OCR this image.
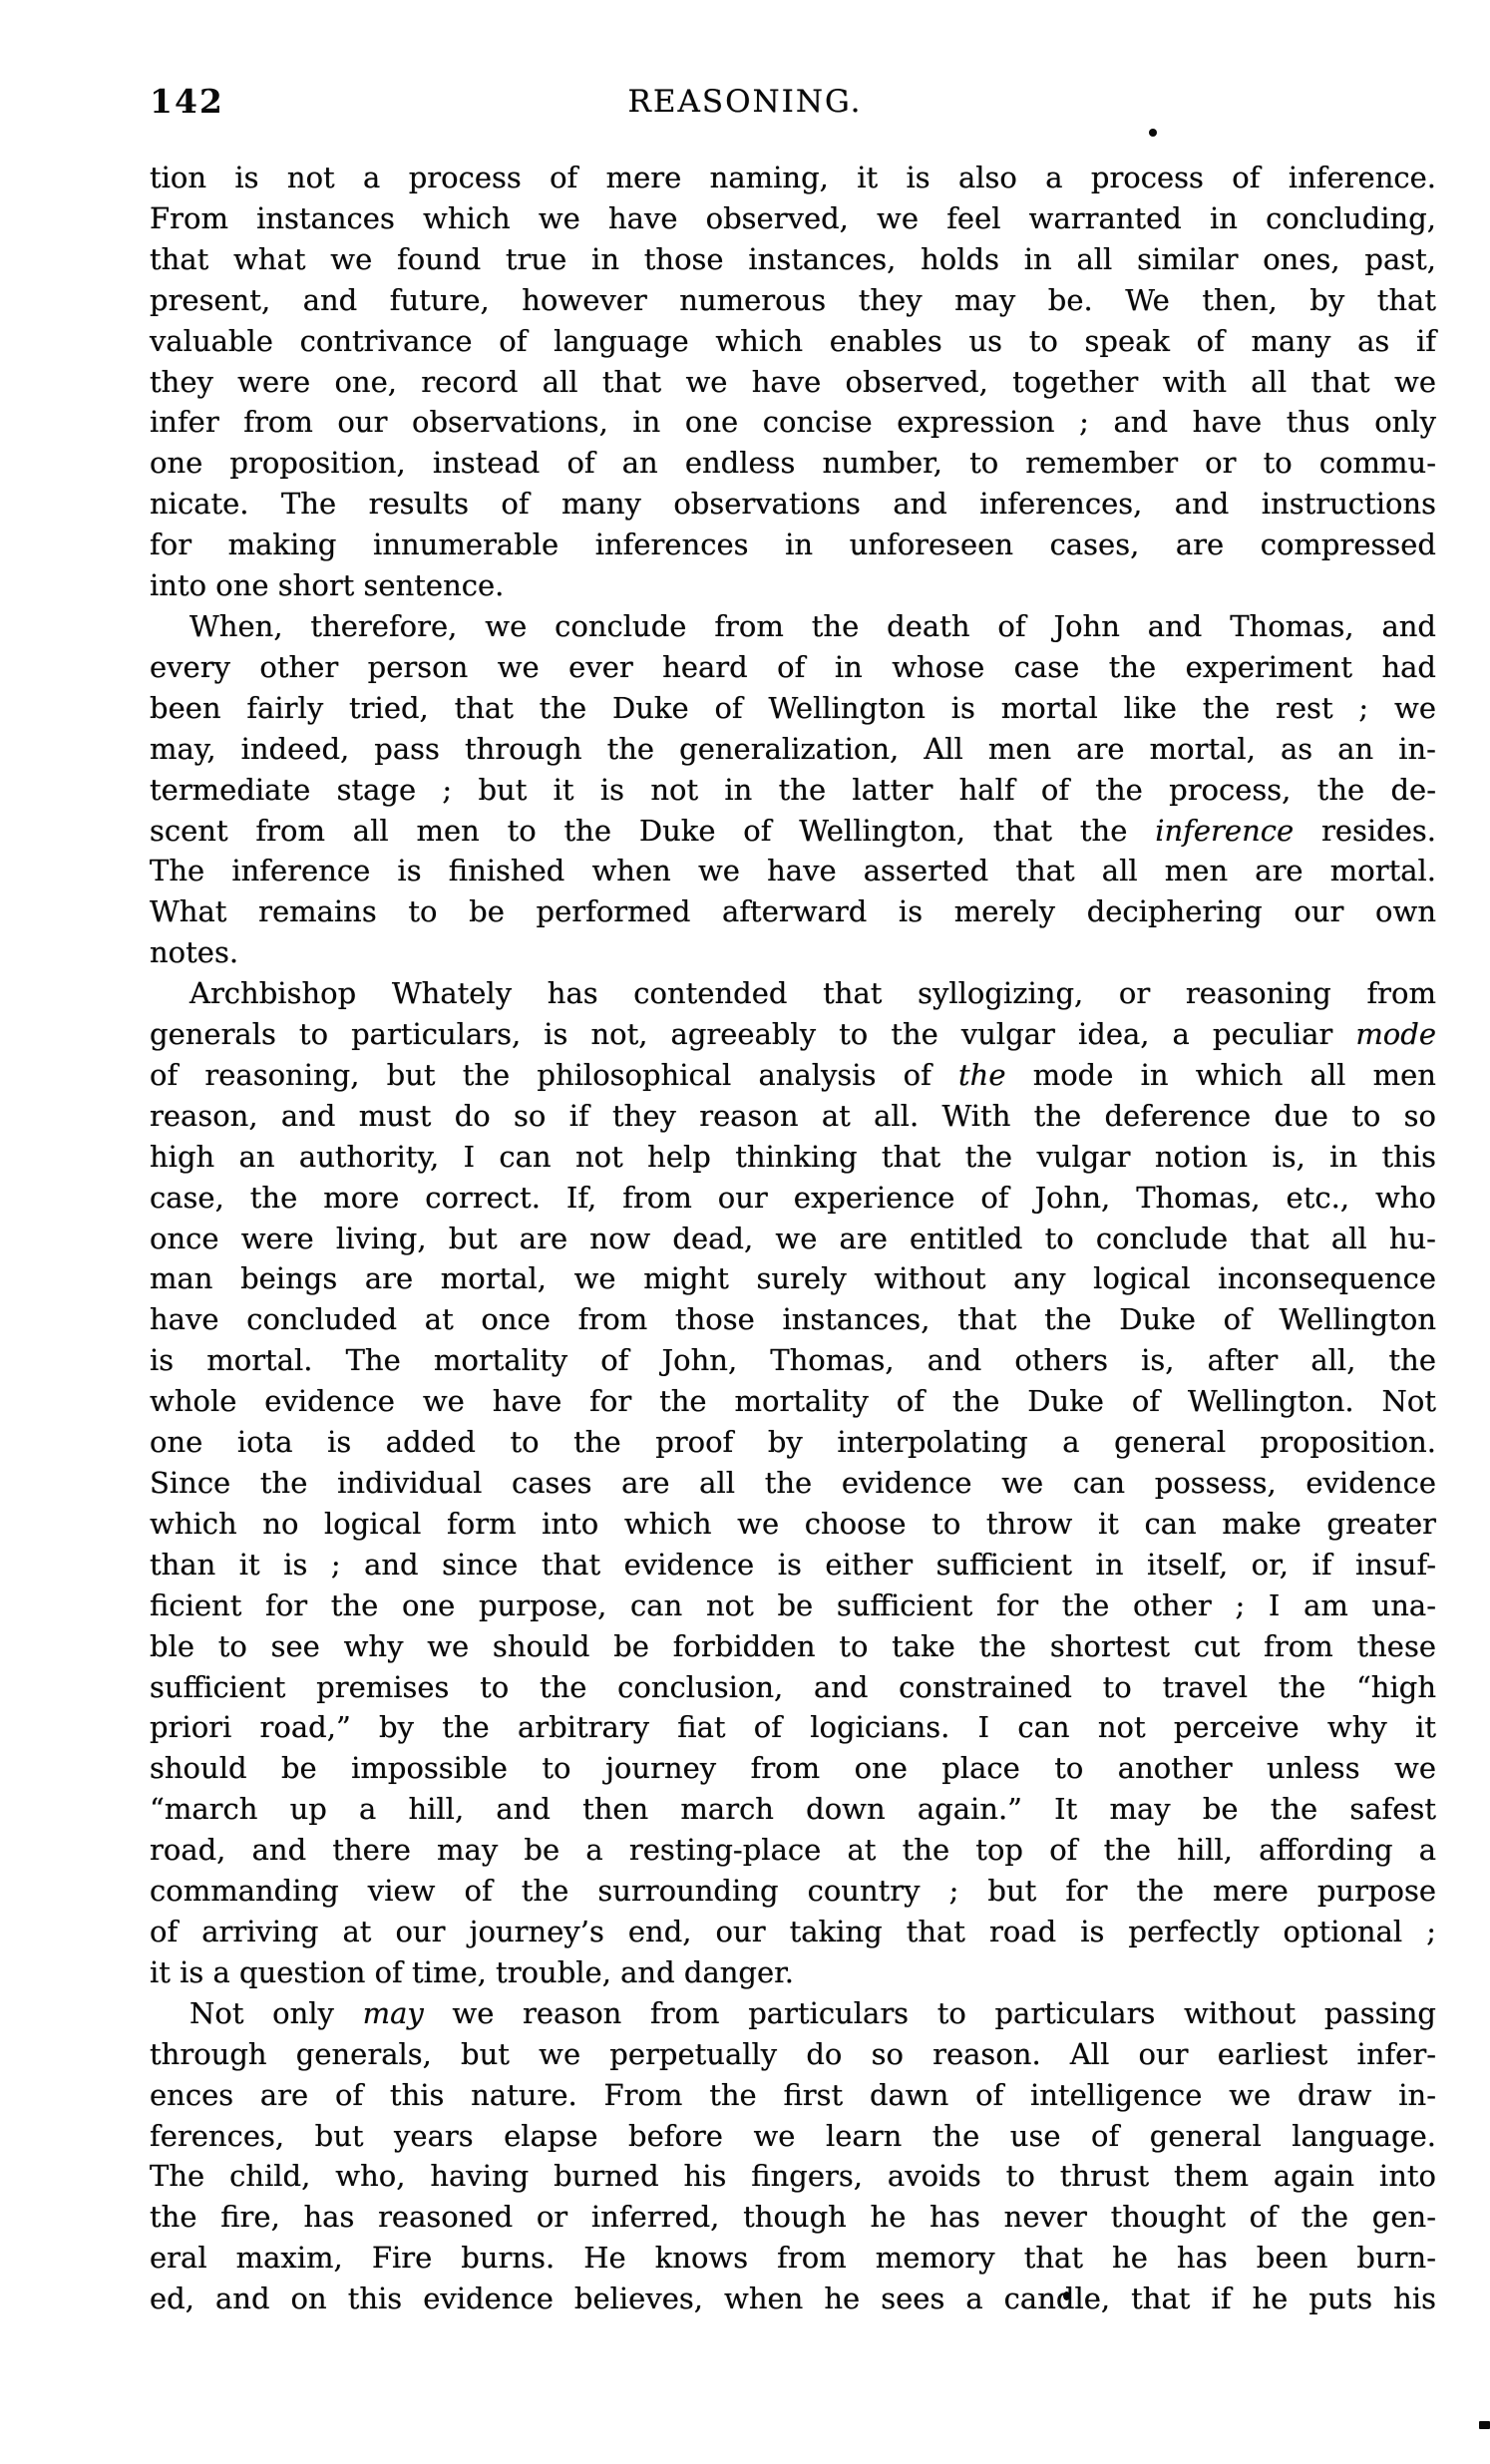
142	REASONING.
tion is not a process of mere naming, it is also a process of inference.
From instances which we have observed, we feel warranted in concluding,
that what we found true in those instances, holds in all similar ones, past,
present, and future, however numerous they may be. We then, by that
valuable contrivance of language which enables us to speak of many as if
they were one, record all that we have observed, together with all that we
infer from our observations, in one concise expression ; and have thus only
one proposition, instead of an endless number, to remember or to commu-
nicate. The results of many observations and inferences, and instructions
for making innumerable inferences in unforeseen cases, are compressed
into one short sentence.
When, therefore, we conclude from the death of John and Thomas, and
every other person we ever heard of in whose case the experiment had
been fairly tried, that the Duke of Wellington is mortal like the rest ; we
may, indeed, pass through the generalization, All men are mortal, as an in-
termediate stage ; but it is not in the latter half of the process, the de-
scent from all men to the Duke of Wellington, that the inference resides.
The inference is finished when we have asserted that all men are mortal.
What remains to be performed afterward is merely deciphering our own
notes.
Archbishop Whately has contended that syllogizing, or reasoning from
generals to particulars, is not, agreeably to the vulgar idea, a peculiar mode
of reasoning, but the philosophical analysis of the mode in which all men
reason, and must do so if they reason at all. With the deference due to so
high an authority, I can not help thinking that the vulgar notion is, in this
case, the more correct. If, from our experience of John, Thomas, etc., who
once were living, but are now dead, we are entitled to conclude that all hu-
man beings are mortal, we might surely without any logical inconsequence
have concluded at once from those instances, that the Duke of Wellington
is mortal. The mortality of John, Thomas, and others is, after all, the
whole evidence we have for the mortality of the Duke of Wellington. Not
one iota is added to the proof by interpolating a general proposition.
Since the individual cases are all the evidence we can possess, evidence
which no logical form into which we choose to throw it can make greater
than it is ; and since that evidence is either sufficient in itself, or, if insuf-
ficient for the one purpose, can not be sufficient for the other ; I am una-
ble to see why we should be forbidden to take the shortest cut from these
sufficient premises to the conclusion, and constrained to travel the “high
priori road,” by the arbitrary fiat of logicians. I can not perceive why it
should be impossible to journey from one place to another unless we
“march up a hill, and then march down again.” It may be the safest
road, and there may be a resting-place at the top of the hill, affording a
commanding view of the surrounding country ; but for the mere purpose
of arriving at our journey’s end, our taking that road is perfectly optional ;
it is a question of time, trouble, and danger.
Not only may we reason from particulars to particulars without passing
through generals, but we perpetually do so reason. All our earliest infer-
ences are of this nature. From the first dawn of intelligence we draw in-
ferences, but years elapse before we learn the use of general language.
The child, who, having burned his fingers, avoids to thrust them again into
the fire, has reasoned or inferred, though he has never thought of the gen-
eral maxim, Fire burns. He knows from memory that he has been burn-
ed, and on this evidence believes, when he sees a candle, that if he puts his
